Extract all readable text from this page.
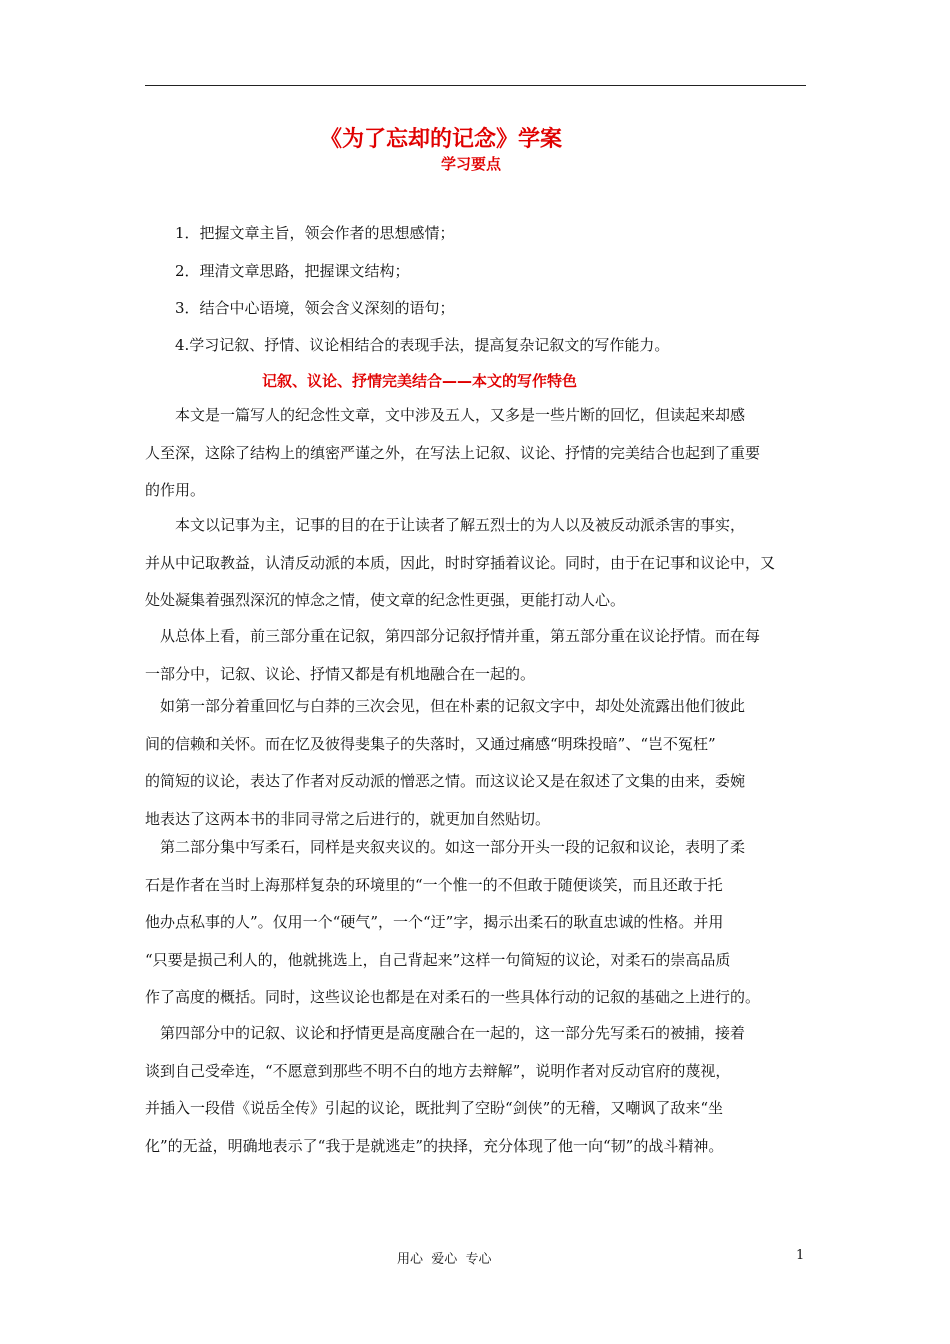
《为了忘却的记念》学案
学习要点
1．把握文章主旨，领会作者的思想感情；
2．理清文章思路，把握课文结构；
3．结合中心语境，领会含义深刻的语句；
4.学习记叙、抒情、议论相结合的表现手法，提高复杂记叙文的写作能力。
记叙、议论、抒情完美结合——本文的写作特色
　　本文是一篇写人的纪念性文章，文中涉及五人，又多是一些片断的回忆，但读起来却感
人至深，这除了结构上的缜密严谨之外，在写法上记叙、议论、抒情的完美结合也起到了重要
的作用。
　　本文以记事为主，记事的目的在于让读者了解五烈士的为人以及被反动派杀害的事实，
并从中记取教益，认清反动派的本质，因此，时时穿插着议论。同时，由于在记事和议论中，又
处处凝集着强烈深沉的悼念之情，使文章的纪念性更强，更能打动人心。
　从总体上看，前三部分重在记叙，第四部分记叙抒情并重，第五部分重在议论抒情。而在每
一部分中，记叙、议论、抒情又都是有机地融合在一起的。
　如第一部分着重回忆与白莽的三次会见，但在朴素的记叙文字中，却处处流露出他们彼此
间的信赖和关怀。而在忆及彼得斐集子的失落时，又通过痛感“明珠投暗”、“岂不冤枉”
的简短的议论，表达了作者对反动派的憎恶之情。而这议论又是在叙述了文集的由来，委婉
地表达了这两本书的非同寻常之后进行的，就更加自然贴切。
　第二部分集中写柔石，同样是夹叙夹议的。如这一部分开头一段的记叙和议论，表明了柔
石是作者在当时上海那样复杂的环境里的“一个惟一的不但敢于随便谈笑，而且还敢于托
他办点私事的人”。仅用一个“硬气”，一个“迂”字，揭示出柔石的耿直忠诚的性格。并用
“只要是损己利人的，他就挑选上，自己背起来”这样一句简短的议论，对柔石的崇高品质
作了高度的概括。同时，这些议论也都是在对柔石的一些具体行动的记叙的基础之上进行的。
　第四部分中的记叙、议论和抒情更是高度融合在一起的，这一部分先写柔石的被捕，接着
谈到自己受牵连，“不愿意到那些不明不白的地方去辩解”，说明作者对反动官府的蔑视，
并插入一段借《说岳全传》引起的议论，既批判了空盼“剑侠”的无稽，又嘲讽了敌来“坐
化”的无益，明确地表示了“我于是就逃走”的抉择，充分体现了他一向“韧”的战斗精神。
用心  爱心  专心	1
